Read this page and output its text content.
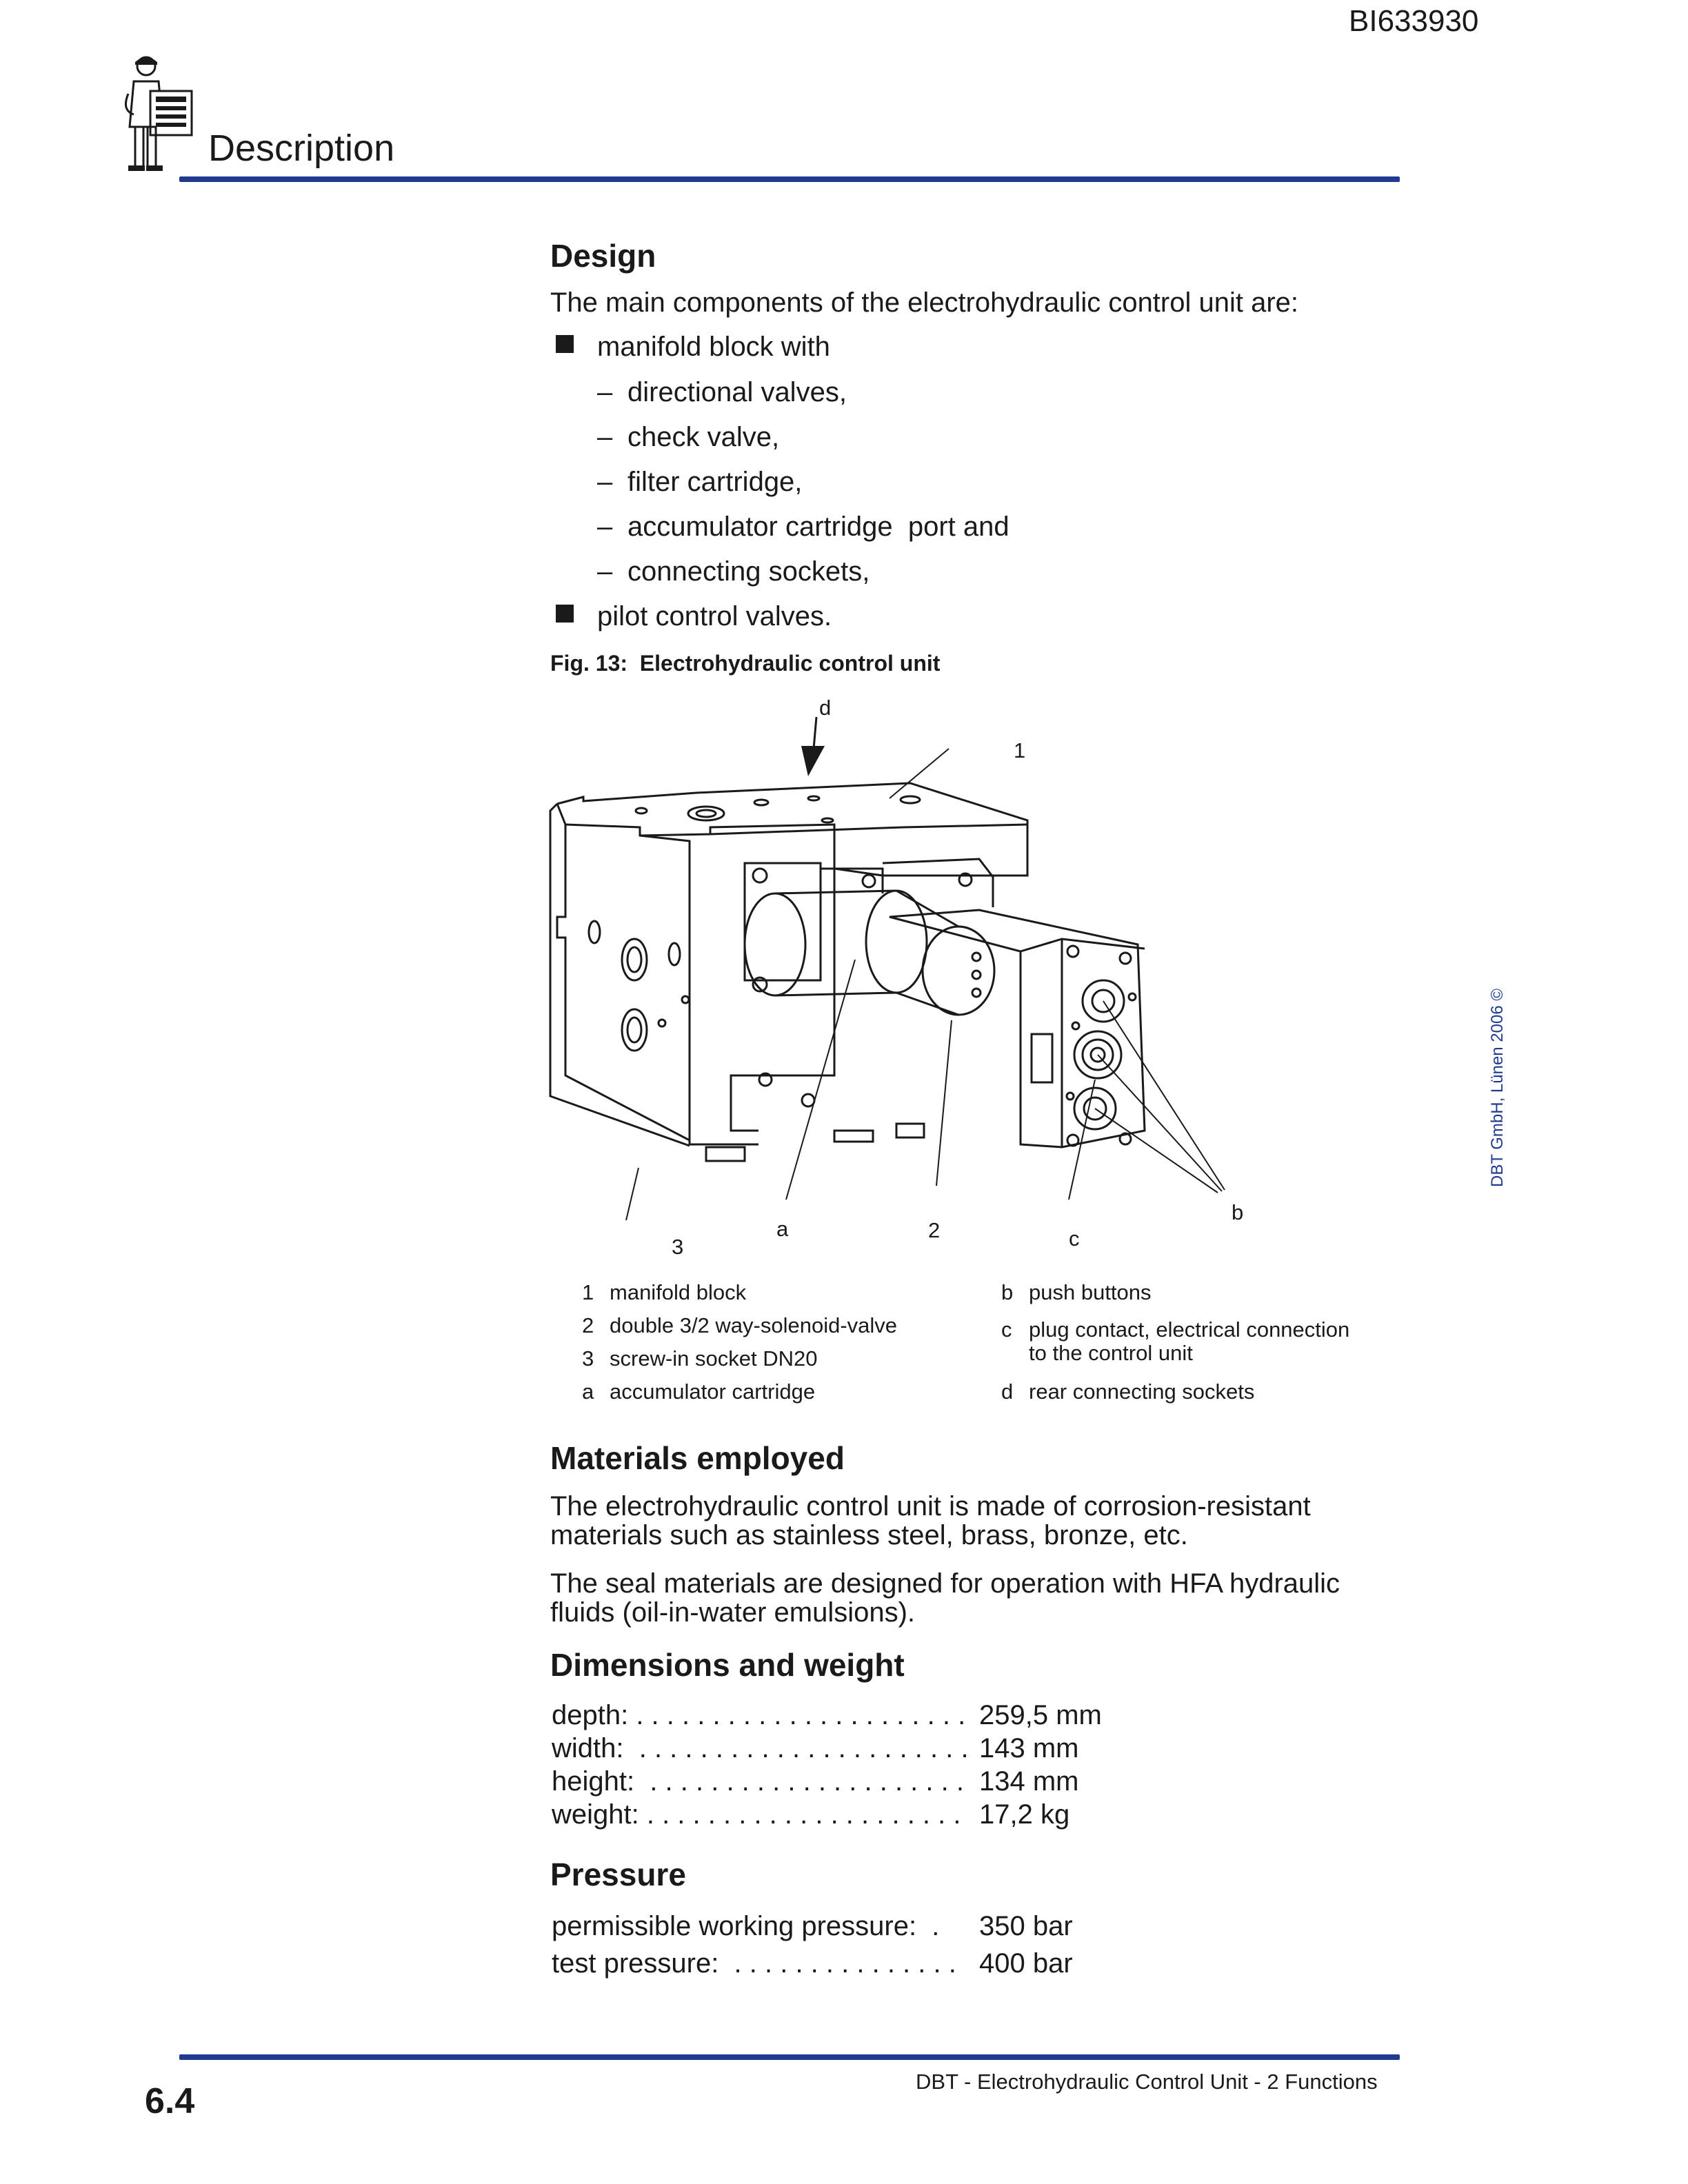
BI633930
Description
Design
The main components of the electrohydraulic control unit are:
manifold block with
– directional valves,
– check valve,
– filter cartridge,
– accumulator cartridge  port and
– connecting sockets,
pilot control valves.
Fig. 13:  Electrohydraulic control unit
d
1
3
a	2	c
b
1 manifold block
2 double 3/2 way-solenoid-valve
3 screw-in socket DN20
a accumulator cartridge
b push buttons
c plug contact, electrical connection
to the control unit
d rear connecting sockets
Materials employed
The electrohydraulic control unit is made of corrosion-resistant
materials such as stainless steel, brass, bronze, etc.
The seal materials are designed for operation with HFA hydraulic
fluids (oil-in-water emulsions).
Dimensions and weight
depth: . . . . . . . . . . . . . . . . . . . . . . 259,5 mm
width:  . . . . . . . . . . . . . . . . . . . . . . 143 mm
height:  . . . . . . . . . . . . . . . . . . . . . 134 mm
weight: . . . . . . . . . . . . . . . . . . . . . 17,2 kg
Pressure
permissible working pressure:  . 350 bar
test pressure:  . . . . . . . . . . . . . . . 400 bar
DBT GmbH, Lünen 2006 ©
6.4	DBT - Electrohydraulic Control Unit - 2 Functions
